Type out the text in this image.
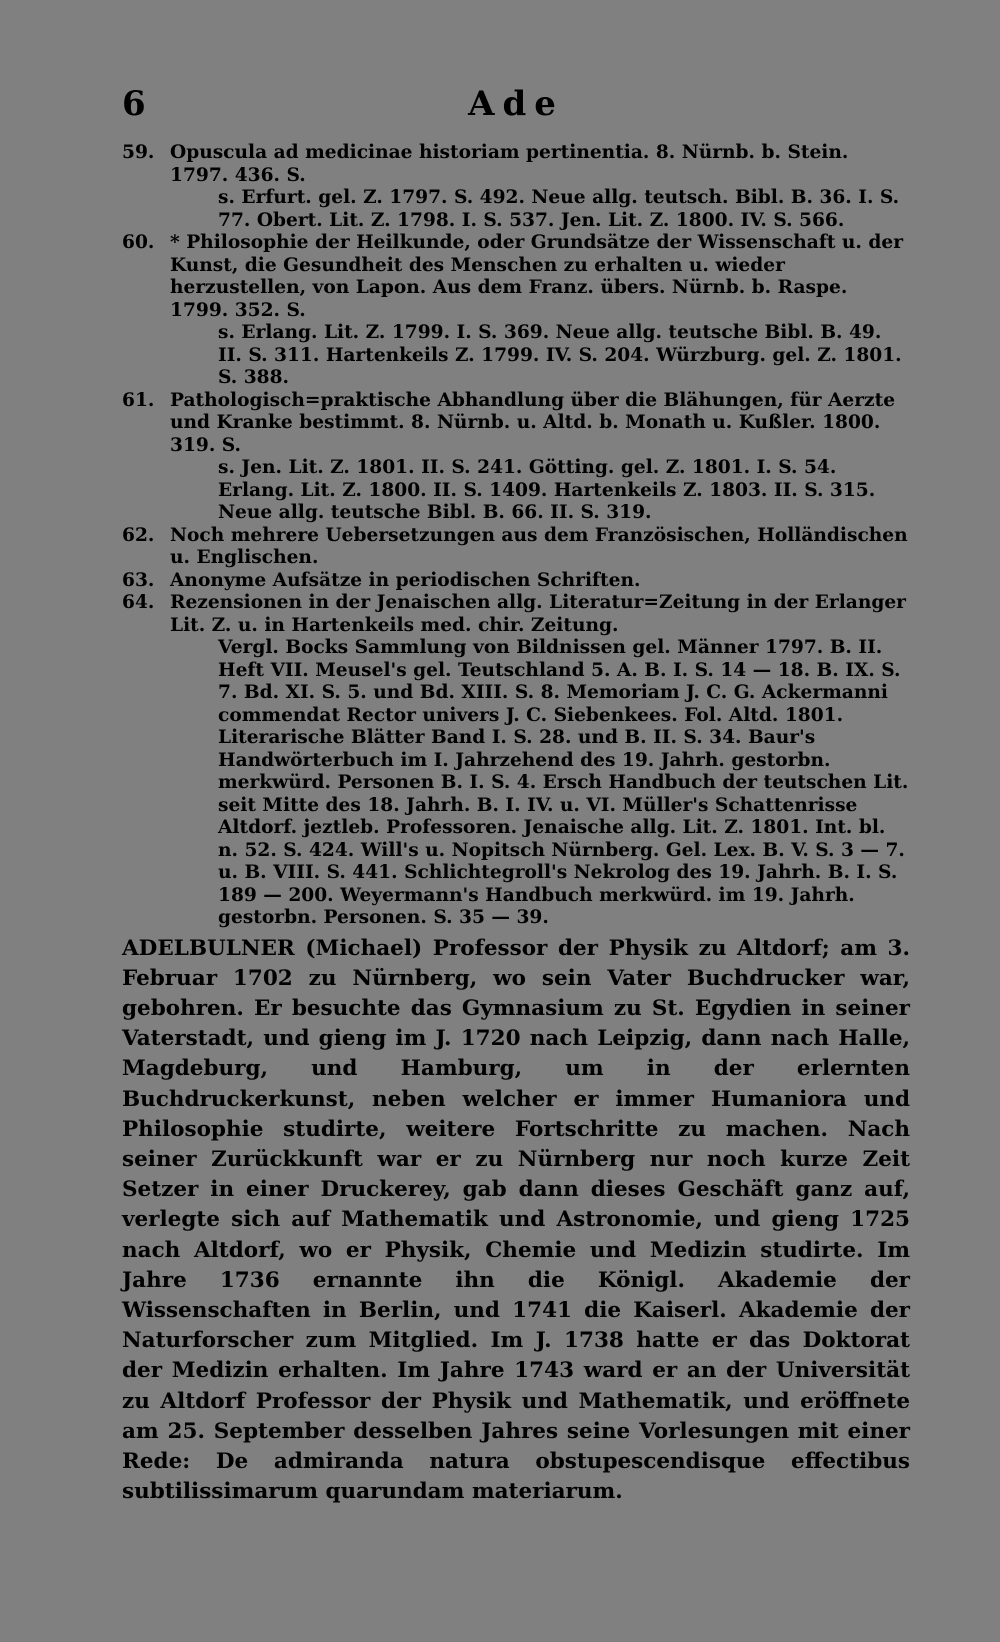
6	Ade
59. Opuscula ad medicinae historiam pertinentia. 8. Nürnb. b. Stein. 1797. 436. S.

s. Erfurt. gel. Z. 1797. S. 492. Neue allg. teutsch. Bibl. B. 36. I. S. 77. Obert. Lit. Z. 1798. I. S. 537. Jen. Lit. Z. 1800. IV. S. 566.

60. * Philosophie der Heilkunde, oder Grundsätze der Wissenschaft u. der Kunst, die Gesundheit des Menschen zu erhalten u. wieder herzustellen, von Lapon. Aus dem Franz. übers. Nürnb. b. Raspe. 1799. 352. S.

s. Erlang. Lit. Z. 1799. I. S. 369. Neue allg. teutsche Bibl. B. 49. II. S. 311. Hartenkeils Z. 1799. IV. S. 204. Würzburg. gel. Z. 1801. S. 388.

61. Pathologisch=praktische Abhandlung über die Blähungen, für Aerzte und Kranke bestimmt. 8. Nürnb. u. Altd. b. Monath u. Kußler. 1800. 319. S.

s. Jen. Lit. Z. 1801. II. S. 241. Götting. gel. Z. 1801. I. S. 54. Erlang. Lit. Z. 1800. II. S. 1409. Hartenkeils Z. 1803. II. S. 315. Neue allg. teutsche Bibl. B. 66. II. S. 319.

62. Noch mehrere Uebersetzungen aus dem Französischen, Holländischen u. Englischen.

63. Anonyme Aufsätze in periodischen Schriften.

64. Rezensionen in der Jenaischen allg. Literatur=Zeitung in der Erlanger Lit. Z. u. in Hartenkeils med. chir. Zeitung.

Vergl. Bocks Sammlung von Bildnissen gel. Männer 1797. B. II. Heft VII. Meusel's gel. Teutschland 5. A. B. I. S. 14 — 18. B. IX. S. 7. Bd. XI. S. 5. und Bd. XIII. S. 8. Memoriam J. C. G. Ackermanni commendat Rector univers J. C. Siebenkees. Fol. Altd. 1801. Literarische Blätter Band I. S. 28. und B. II. S. 34. Baur's Handwörterbuch im I. Jahrzehend des 19. Jahrh. gestorbn. merkwürd. Personen B. I. S. 4. Ersch Handbuch der teutschen Lit. seit Mitte des 18. Jahrh. B. I. IV. u. VI. Müller's Schattenrisse Altdorf. jeztleb. Professoren. Jenaische allg. Lit. Z. 1801. Int. bl. n. 52. S. 424. Will's u. Nopitsch Nürnberg. Gel. Lex. B. V. S. 3 — 7. u. B. VIII. S. 441. Schlichtegroll's Nekrolog des 19. Jahrh. B. I. S. 189 — 200. Weyermann's Handbuch merkwürd. im 19. Jahrh. gestorbn. Personen. S. 35 — 39.

ADELBULNER (Michael) Professor der Physik zu Altdorf; am 3. Februar 1702 zu Nürnberg, wo sein Vater Buchdrucker war, gebohren. Er besuchte das Gymnasium zu St. Egydien in seiner Vaterstadt, und gieng im J. 1720 nach Leipzig, dann nach Halle, Magdeburg, und Hamburg, um in der erlernten Buchdruckerkunst, neben welcher er immer Humaniora und Philosophie studirte, weitere Fortschritte zu machen. Nach seiner Zurückkunft war er zu Nürnberg nur noch kurze Zeit Setzer in einer Druckerey, gab dann dieses Geschäft ganz auf, verlegte sich auf Mathematik und Astronomie, und gieng 1725 nach Altdorf, wo er Physik, Chemie und Medizin studirte. Im Jahre 1736 ernannte ihn die Königl. Akademie der Wissenschaften in Berlin, und 1741 die Kaiserl. Akademie der Naturforscher zum Mitglied. Im J. 1738 hatte er das Doktorat der Medizin erhalten. Im Jahre 1743 ward er an der Universität zu Altdorf Professor der Physik und Mathematik, und eröffnete am 25. September desselben Jahres seine Vorlesungen mit einer Rede: De admiranda natura obstupescendisque effectibus subtilissimarum quarundam materiarum.
